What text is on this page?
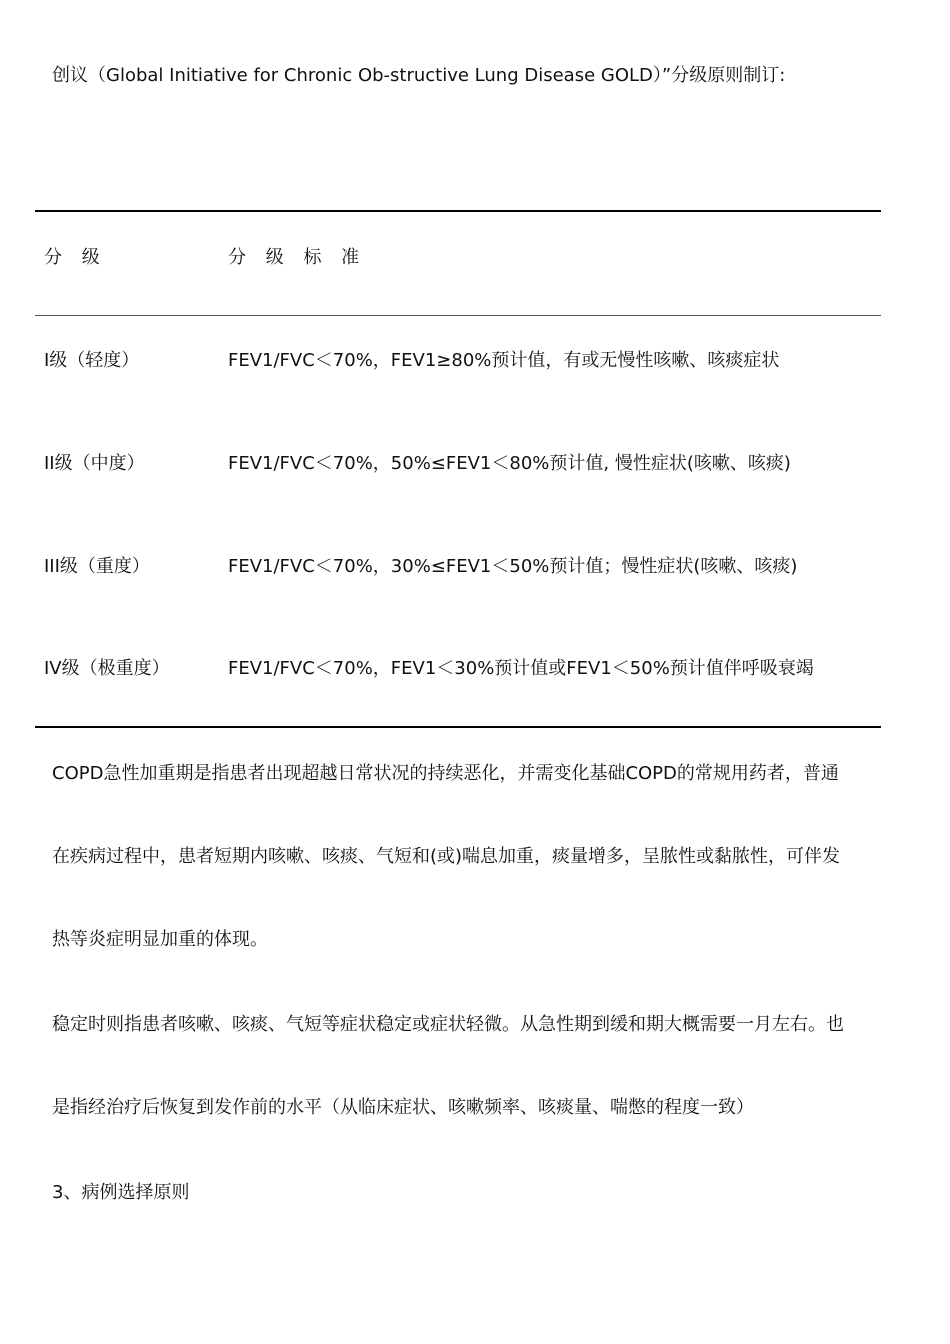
创议（Global Initiative for Chronic Ob-structive Lung Disease GOLD）”分级原则制订:
分 级	分 级 标 准
I级（轻度）	FEV1/FVC＜70%，FEV1≥80%预计值，有或无慢性咳嗽、咳痰症状
II级（中度）	FEV1/FVC＜70%，50%≤FEV1＜80%预计值, 慢性症状(咳嗽、咳痰)
III级（重度）	FEV1/FVC＜70%，30%≤FEV1＜50%预计值；慢性症状(咳嗽、咳痰)
IV级（极重度）	FEV1/FVC＜70%，FEV1＜30%预计值或FEV1＜50%预计值伴呼吸衰竭
COPD急性加重期是指患者出现超越日常状况的持续恶化，并需变化基础COPD的常规用药者，普通
在疾病过程中，患者短期内咳嗽、咳痰、气短和(或)喘息加重，痰量增多，呈脓性或黏脓性，可伴发
热等炎症明显加重的体现。
稳定时则指患者咳嗽、咳痰、气短等症状稳定或症状轻微。从急性期到缓和期大概需要一月左右。也
是指经治疗后恢复到发作前的水平（从临床症状、咳嗽频率、咳痰量、喘憋的程度一致）
3、病例选择原则
